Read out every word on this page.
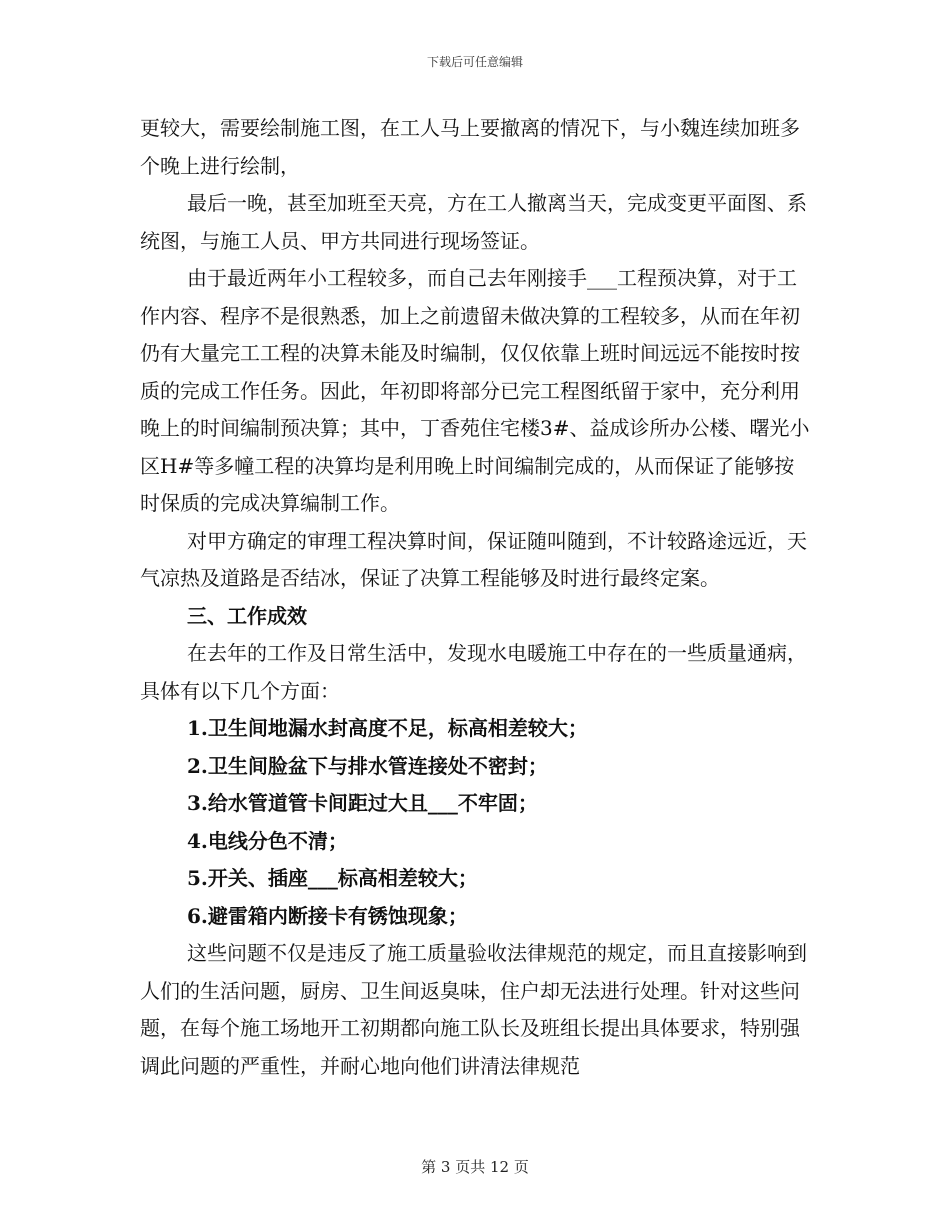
下载后可任意编辑

更较大，需要绘制施工图，在工人马上要撤离的情况下，与小魏连续加班多个晚上进行绘制，

最后一晚，甚至加班至天亮，方在工人撤离当天，完成变更平面图、系统图，与施工人员、甲方共同进行现场签证。

由于最近两年小工程较多，而自己去年刚接手___工程预决算，对于工作内容、程序不是很熟悉，加上之前遗留未做决算的工程较多，从而在年初仍有大量完工工程的决算未能及时编制，仅仅依靠上班时间远远不能按时按质的完成工作任务。因此，年初即将部分已完工程图纸留于家中，充分利用晚上的时间编制预决算；其中，丁香苑住宅楼3#、益成诊所办公楼、曙光小区H#等多幢工程的决算均是利用晚上时间编制完成的，从而保证了能够按时保质的完成决算编制工作。

对甲方确定的审理工程决算时间，保证随叫随到，不计较路途远近，天气凉热及道路是否结冰，保证了决算工程能够及时进行最终定案。

三、工作成效

在去年的工作及日常生活中，发现水电暖施工中存在的一些质量通病，具体有以下几个方面：

1.卫生间地漏水封高度不足，标高相差较大；

2.卫生间脸盆下与排水管连接处不密封；

3.给水管道管卡间距过大且___不牢固；

4.电线分色不清；

5.开关、插座___标高相差较大；

6.避雷箱内断接卡有锈蚀现象；

这些问题不仅是违反了施工质量验收法律规范的规定，而且直接影响到人们的生活问题，厨房、卫生间返臭味，住户却无法进行处理。针对这些问题，在每个施工场地开工初期都向施工队长及班组长提出具体要求，特别强调此问题的严重性，并耐心地向他们讲清法律规范

第 3 页共 12 页
